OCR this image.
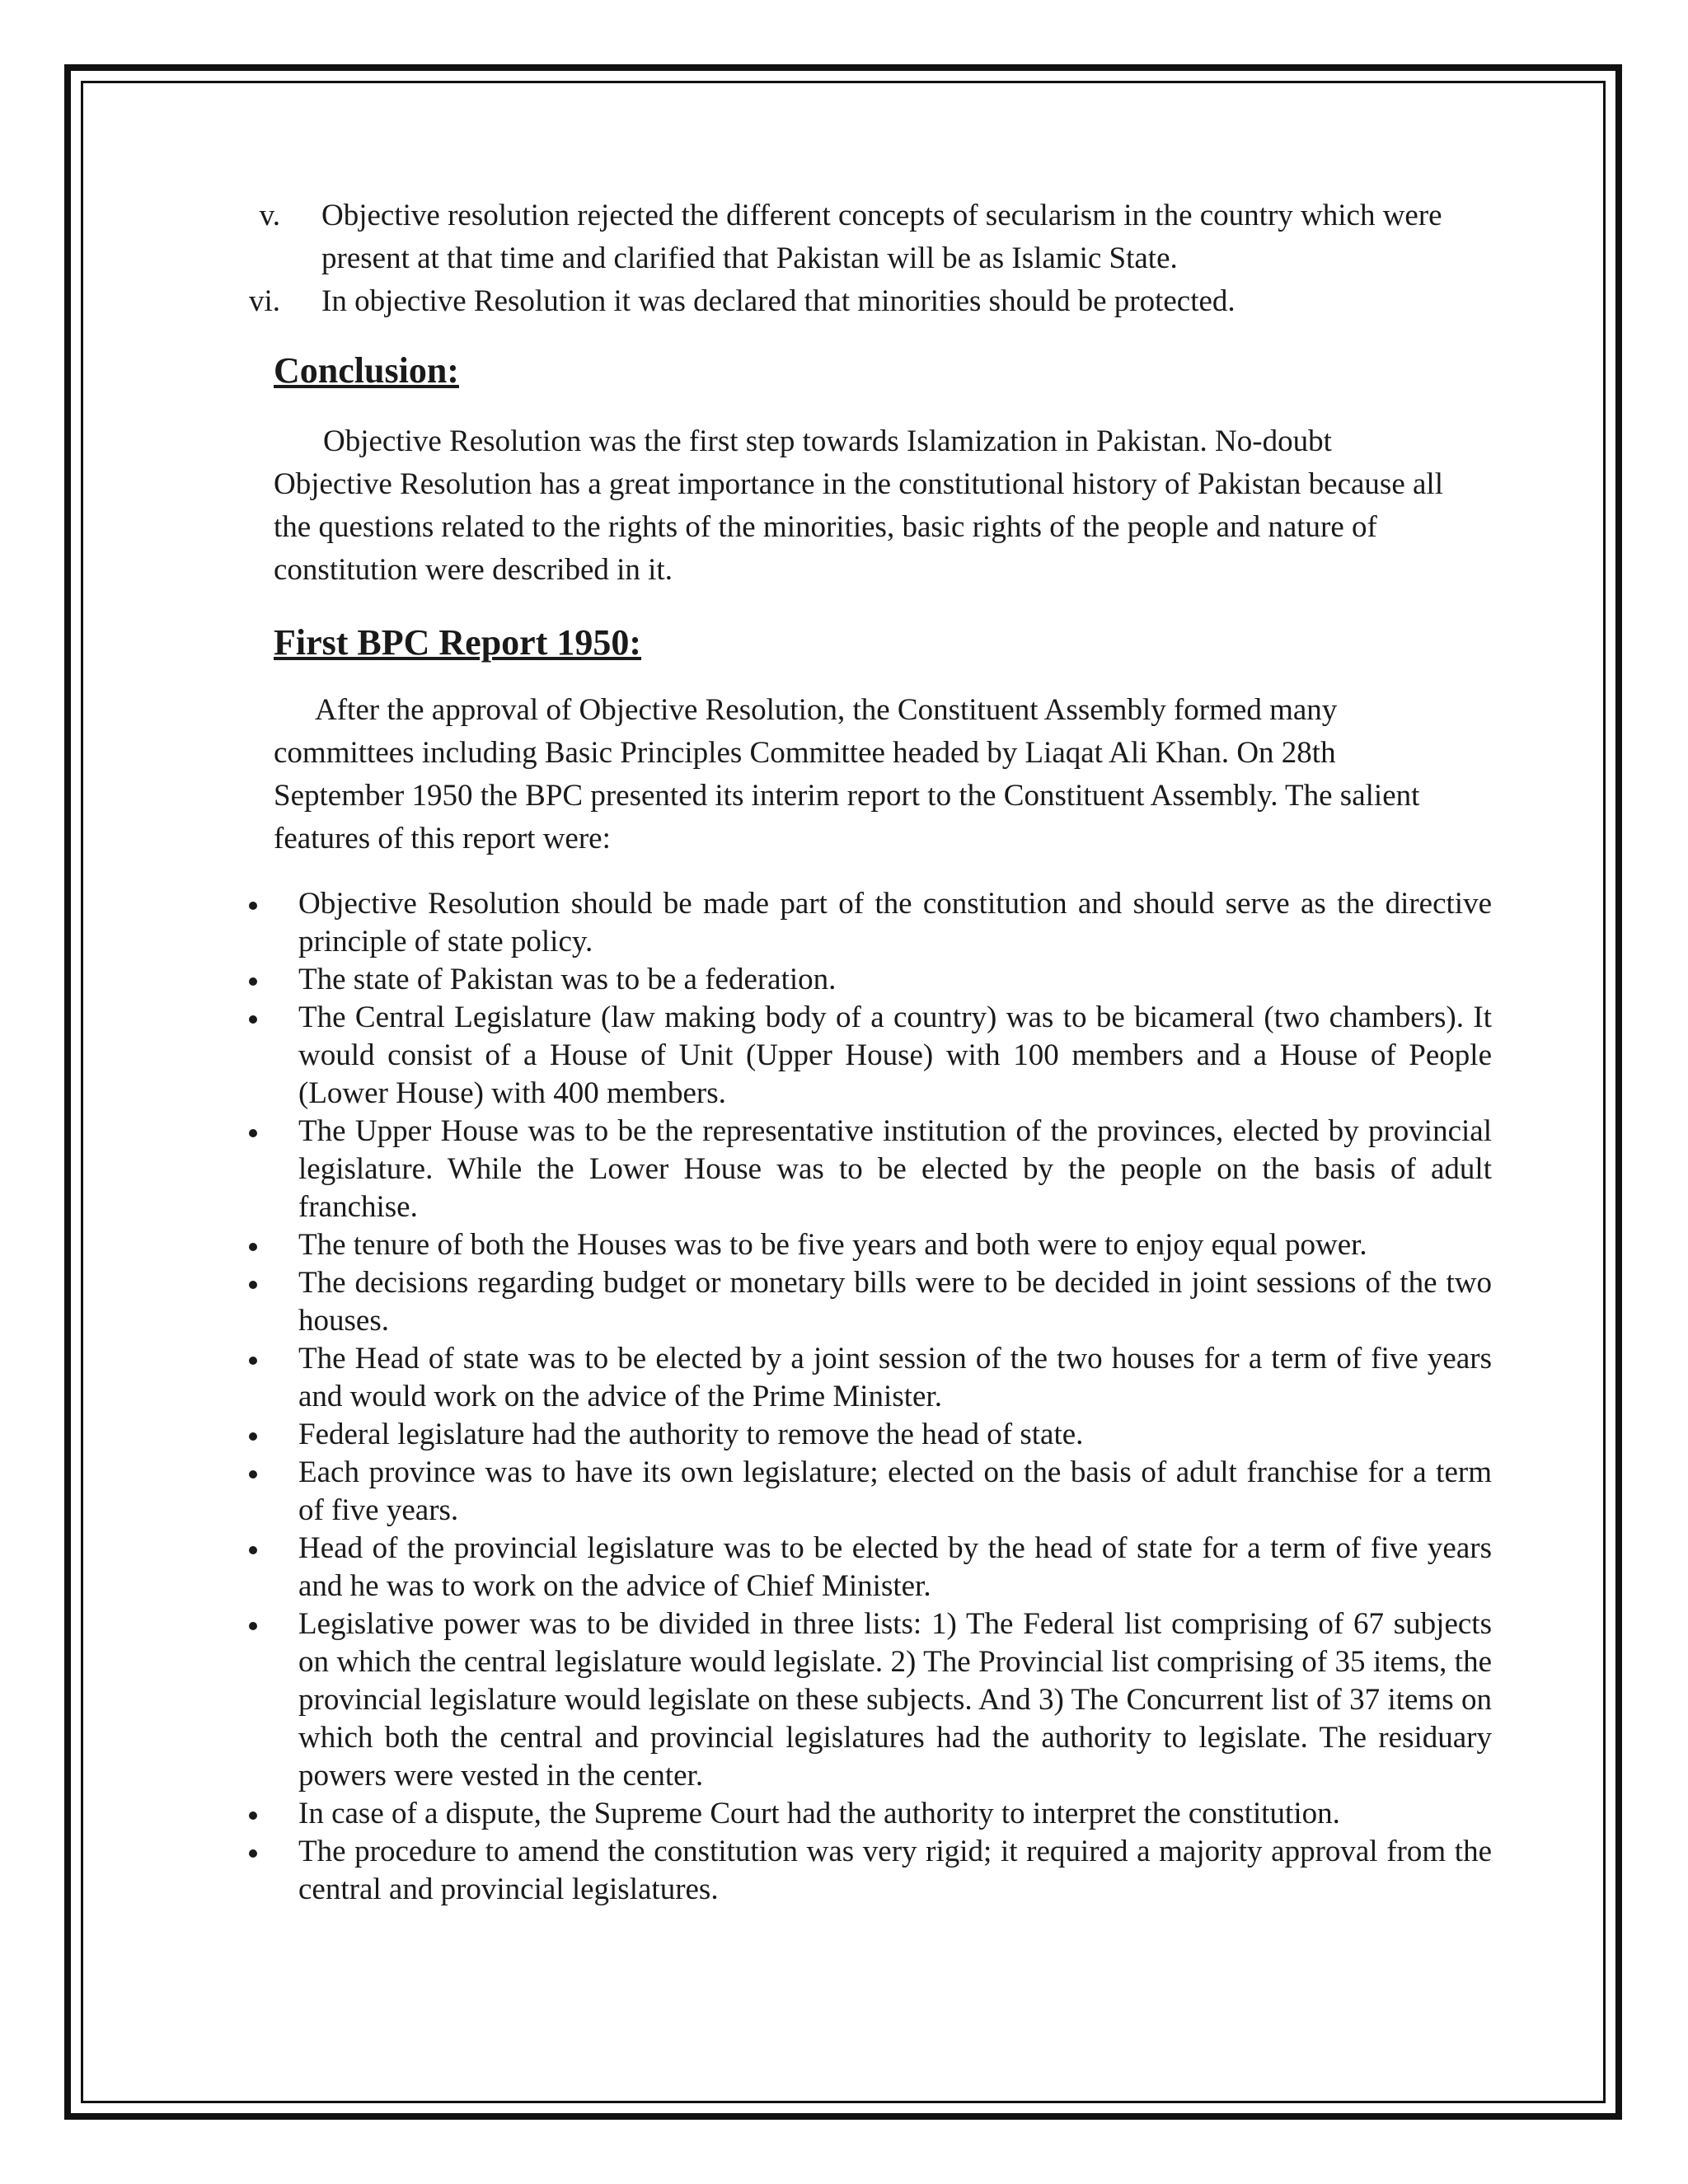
v. Objective resolution rejected the different concepts of secularism in the country which were present at that time and clarified that Pakistan will be as Islamic State.
vi. In objective Resolution it was declared that minorities should be protected.
Conclusion:
Objective Resolution was the first step towards Islamization in Pakistan. No-doubt Objective Resolution has a great importance in the constitutional history of Pakistan because all the questions related to the rights of the minorities, basic rights of the people and nature of constitution were described in it.
First BPC Report 1950:
After the approval of Objective Resolution, the Constituent Assembly formed many committees including Basic Principles Committee headed by Liaqat Ali Khan. On 28th September 1950 the BPC presented its interim report to the Constituent Assembly. The salient features of this report were:
Objective Resolution should be made part of the constitution and should serve as the directive principle of state policy.
The state of Pakistan was to be a federation.
The Central Legislature (law making body of a country) was to be bicameral (two chambers). It would consist of a House of Unit (Upper House) with 100 members and a House of People (Lower House) with 400 members.
The Upper House was to be the representative institution of the provinces, elected by provincial legislature. While the Lower House was to be elected by the people on the basis of adult franchise.
The tenure of both the Houses was to be five years and both were to enjoy equal power.
The decisions regarding budget or monetary bills were to be decided in joint sessions of the two houses.
The Head of state was to be elected by a joint session of the two houses for a term of five years and would work on the advice of the Prime Minister.
Federal legislature had the authority to remove the head of state.
Each province was to have its own legislature; elected on the basis of adult franchise for a term of five years.
Head of the provincial legislature was to be elected by the head of state for a term of five years and he was to work on the advice of Chief Minister.
Legislative power was to be divided in three lists: 1) The Federal list comprising of 67 subjects on which the central legislature would legislate. 2) The Provincial list comprising of 35 items, the provincial legislature would legislate on these subjects. And 3) The Concurrent list of 37 items on which both the central and provincial legislatures had the authority to legislate. The residuary powers were vested in the center.
In case of a dispute, the Supreme Court had the authority to interpret the constitution.
The procedure to amend the constitution was very rigid; it required a majority approval from the central and provincial legislatures.
